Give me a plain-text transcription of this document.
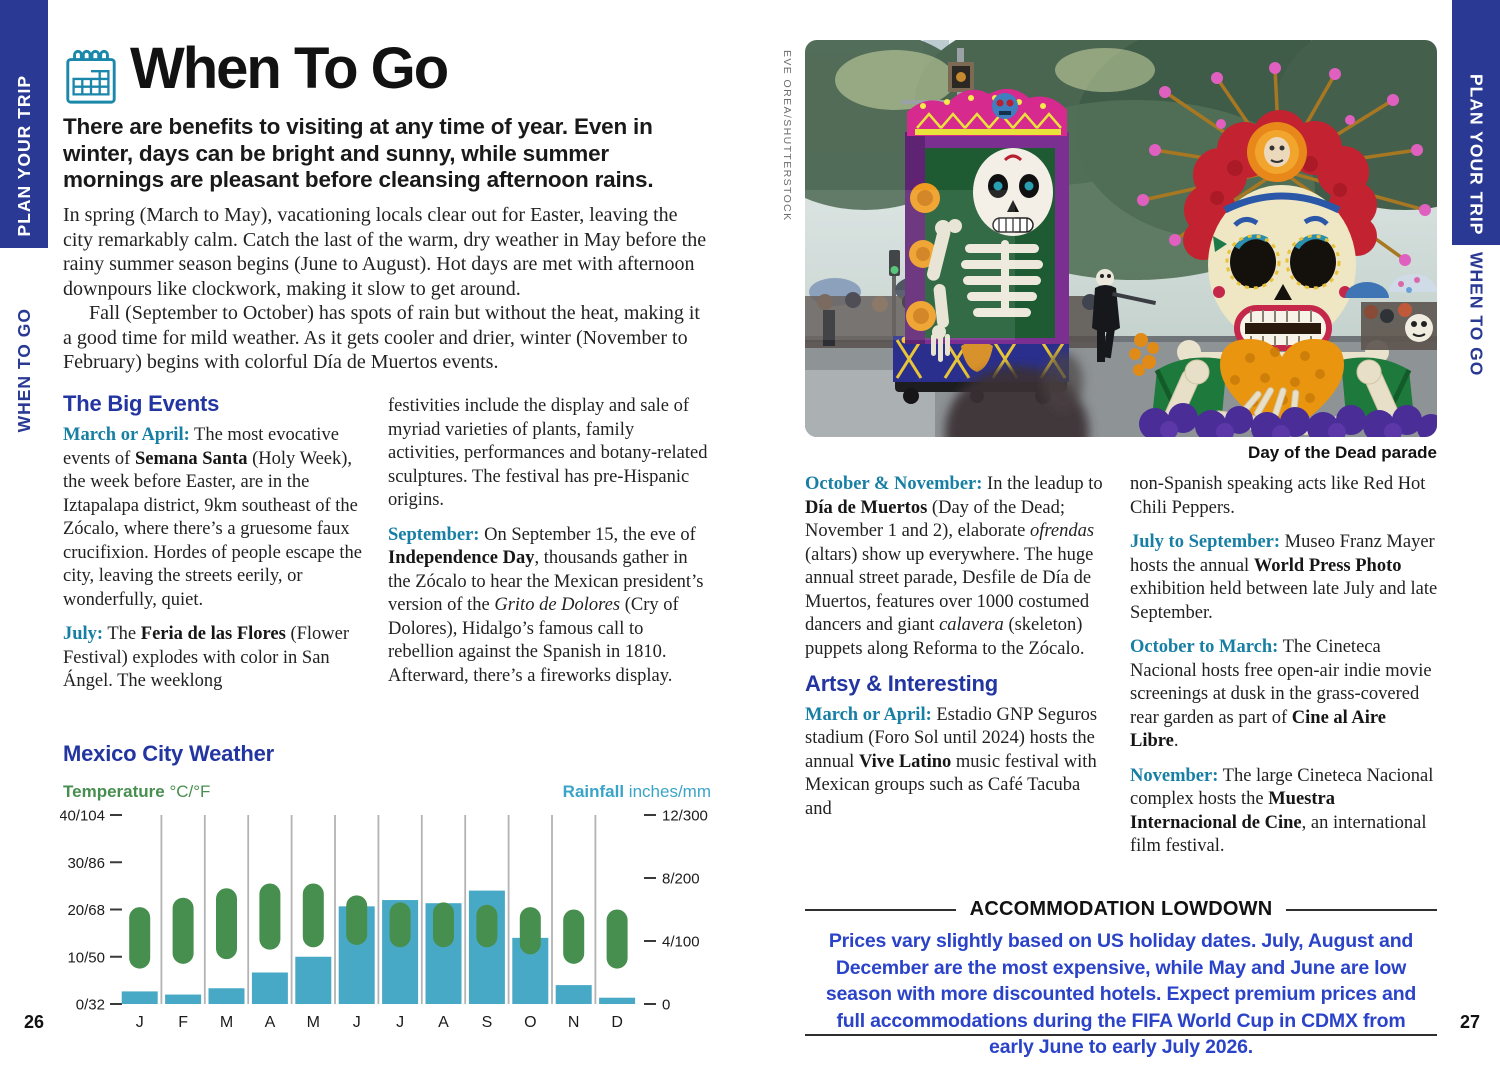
PLAN YOUR TRIP
WHEN TO GO
PLAN YOUR TRIP
WHEN TO GO
When To Go
There are benefits to visiting at any time of year. Even in winter, days can be bright and sunny, while summer mornings are pleasant before cleansing afternoon rains.

In spring (March to May), vacationing locals clear out for Easter, leaving the city remarkably calm. Catch the last of the warm, dry weather in May before the rainy summer season begins (June to August). Hot days are met with afternoon downpours like clockwork, making it slow to get around.

Fall (September to October) has spots of rain but without the heat, making it a good time for mild weather. As it gets cooler and drier, winter (November to February) begins with colorful Día de Muertos events.

The Big Events

March or April: The most evocative events of Semana Santa (Holy Week), the week before Easter, are in the Iztapalapa district, 9km southeast of the Zócalo, where there’s a gruesome faux crucifixion. Hordes of people escape the city, leaving the streets eerily, or wonderfully, quiet.

July: The Feria de las Flores (Flower Festival) explodes with color in San Ángel. The weeklong

festivities include the display and sale of myriad varieties of plants, family activities, performances and botany-related sculptures. The festival has pre-Hispanic origins.

September: On September 15, the eve of Independence Day, thousands gather in the Zócalo to hear the Mexican president’s version of the Grito de Dolores (Cry of Dolores), Hidalgo’s famous call to rebellion against the Spanish in 1810. Afterward, there’s a fireworks display.

Mexico City Weather
Temperature °C/°F	Rainfall inches/mm
0/32
10/50
20/68
30/86
40/104
0
4/100
8/200
12/300
J F M A M J J A S O N D
26	27
EVE OREA/SHUTTERSTOCK
Day of the Dead parade

October & November: In the leadup to Día de Muertos (Day of the Dead; November 1 and 2), elaborate ofrendas (altars) show up everywhere. The huge annual street parade, Desfile de Día de Muertos, features over 1000 costumed dancers and giant calavera (skeleton) puppets along Reforma to the Zócalo.

Artsy & Interesting

March or April: Estadio GNP Seguros stadium (Foro Sol until 2024) hosts the annual Vive Latino music festival with Mexican groups such as Café Tacuba and

non-Spanish speaking acts like Red Hot Chili Peppers.

July to September: Museo Franz Mayer hosts the annual World Press Photo exhibition held between late July and late September.

October to March: The Cineteca Nacional hosts free open-air indie movie screenings at dusk in the grass-covered rear garden as part of Cine al Aire Libre.

November: The large Cineteca Nacional complex hosts the Muestra Internacional de Cine, an international film festival.

ACCOMMODATION LOWDOWN
Prices vary slightly based on US holiday dates. July, August and December are the most expensive, while May and June are low season with more discounted hotels. Expect premium prices and full accommodations during the FIFA World Cup in CDMX from early June to early July 2026.
